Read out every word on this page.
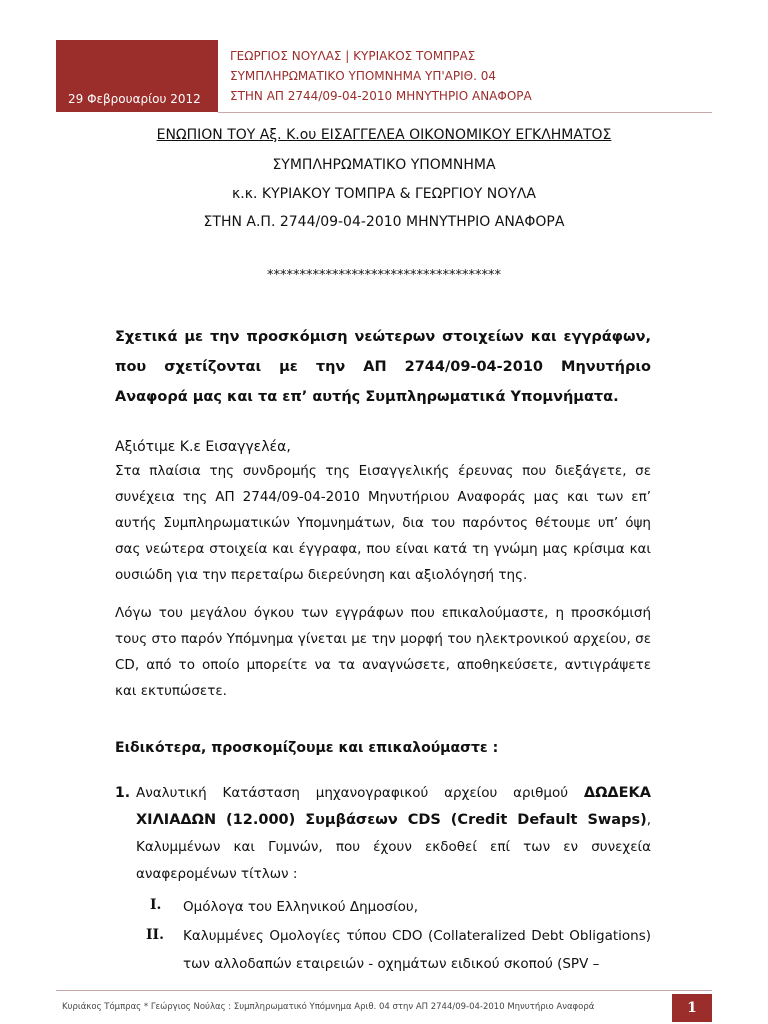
29 Φεβρουαρίου 2012
ΓΕΩΡΓΙΟΣ ΝΟΥΛΑΣ | ΚΥΡΙΑΚΟΣ ΤΟΜΠΡΑΣ
ΣΥΜΠΛΗΡΩΜΑΤΙΚΟ ΥΠΟΜΝΗΜΑ ΥΠ'ΑΡΙΘ. 04
ΣΤΗΝ ΑΠ 2744/09-04-2010 ΜΗΝΥΤΗΡΙΟ ΑΝΑΦΟΡΑ
ΕΝΩΠΙΟΝ ΤΟΥ Αξ. Κ.ου ΕΙΣΑΓΓΕΛΕΑ ΟΙΚΟΝΟΜΙΚΟΥ ΕΓΚΛΗΜΑΤΟΣ
ΣΥΜΠΛΗΡΩΜΑΤΙΚΟ ΥΠΟΜΝΗΜΑ
κ.κ. ΚΥΡΙΑΚΟΥ ΤΟΜΠΡΑ & ΓΕΩΡΓΙΟΥ ΝΟΥΛΑ
ΣΤΗΝ Α.Π. 2744/09-04-2010 ΜΗΝΥΤΗΡΙΟ ΑΝΑΦΟΡΑ
************************************
Σχετικά με την προσκόμιση νεώτερων στοιχείων και εγγράφων, που σχετίζονται με την ΑΠ 2744/09-04-2010 Μηνυτήριο Αναφορά μας και τα επ’ αυτής Συμπληρωματικά Υπομνήματα.
Αξιότιμε Κ.ε Εισαγγελέα,
Στα πλαίσια της συνδρομής της Εισαγγελικής έρευνας που διεξάγετε, σε συνέχεια της ΑΠ 2744/09-04-2010 Μηνυτήριου Αναφοράς μας και των επ’ αυτής Συμπληρωματικών Υπομνημάτων, δια του παρόντος θέτουμε υπ’ όψη σας νεώτερα στοιχεία και έγγραφα, που είναι κατά τη γνώμη μας κρίσιμα και ουσιώδη για την περεταίρω διερεύνηση και αξιολόγησή της.
Λόγω του μεγάλου όγκου των εγγράφων που επικαλούμαστε, η προσκόμισή τους στο παρόν Υπόμνημα γίνεται με την μορφή του ηλεκτρονικού αρχείου, σε CD, από το οποίο μπορείτε να τα αναγνώσετε, αποθηκεύσετε, αντιγράψετε και εκτυπώσετε.
Ειδικότερα, προσκομίζουμε και επικαλούμαστε :
1. Αναλυτική Κατάσταση μηχανογραφικού αρχείου αριθμού ΔΩΔΕΚΑ ΧΙΛΙΑΔΩΝ (12.000) Συμβάσεων CDS (Credit Default Swaps), Καλυμμένων και Γυμνών, που έχουν εκδοθεί επί των εν συνεχεία αναφερομένων τίτλων :
I. Ομόλογα του Ελληνικού Δημοσίου,
II. Καλυμμένες Ομολογίες τύπου CDO (Collateralized Debt Obligations) των αλλοδαπών εταιρειών - οχημάτων ειδικού σκοπού (SPV –
Κυριάκος Τόμπρας * Γεώργιος Νούλας : Συμπληρωματικό Υπόμνημα Αριθ. 04 στην ΑΠ 2744/09-04-2010 Μηνυτήριο Αναφορά	1
